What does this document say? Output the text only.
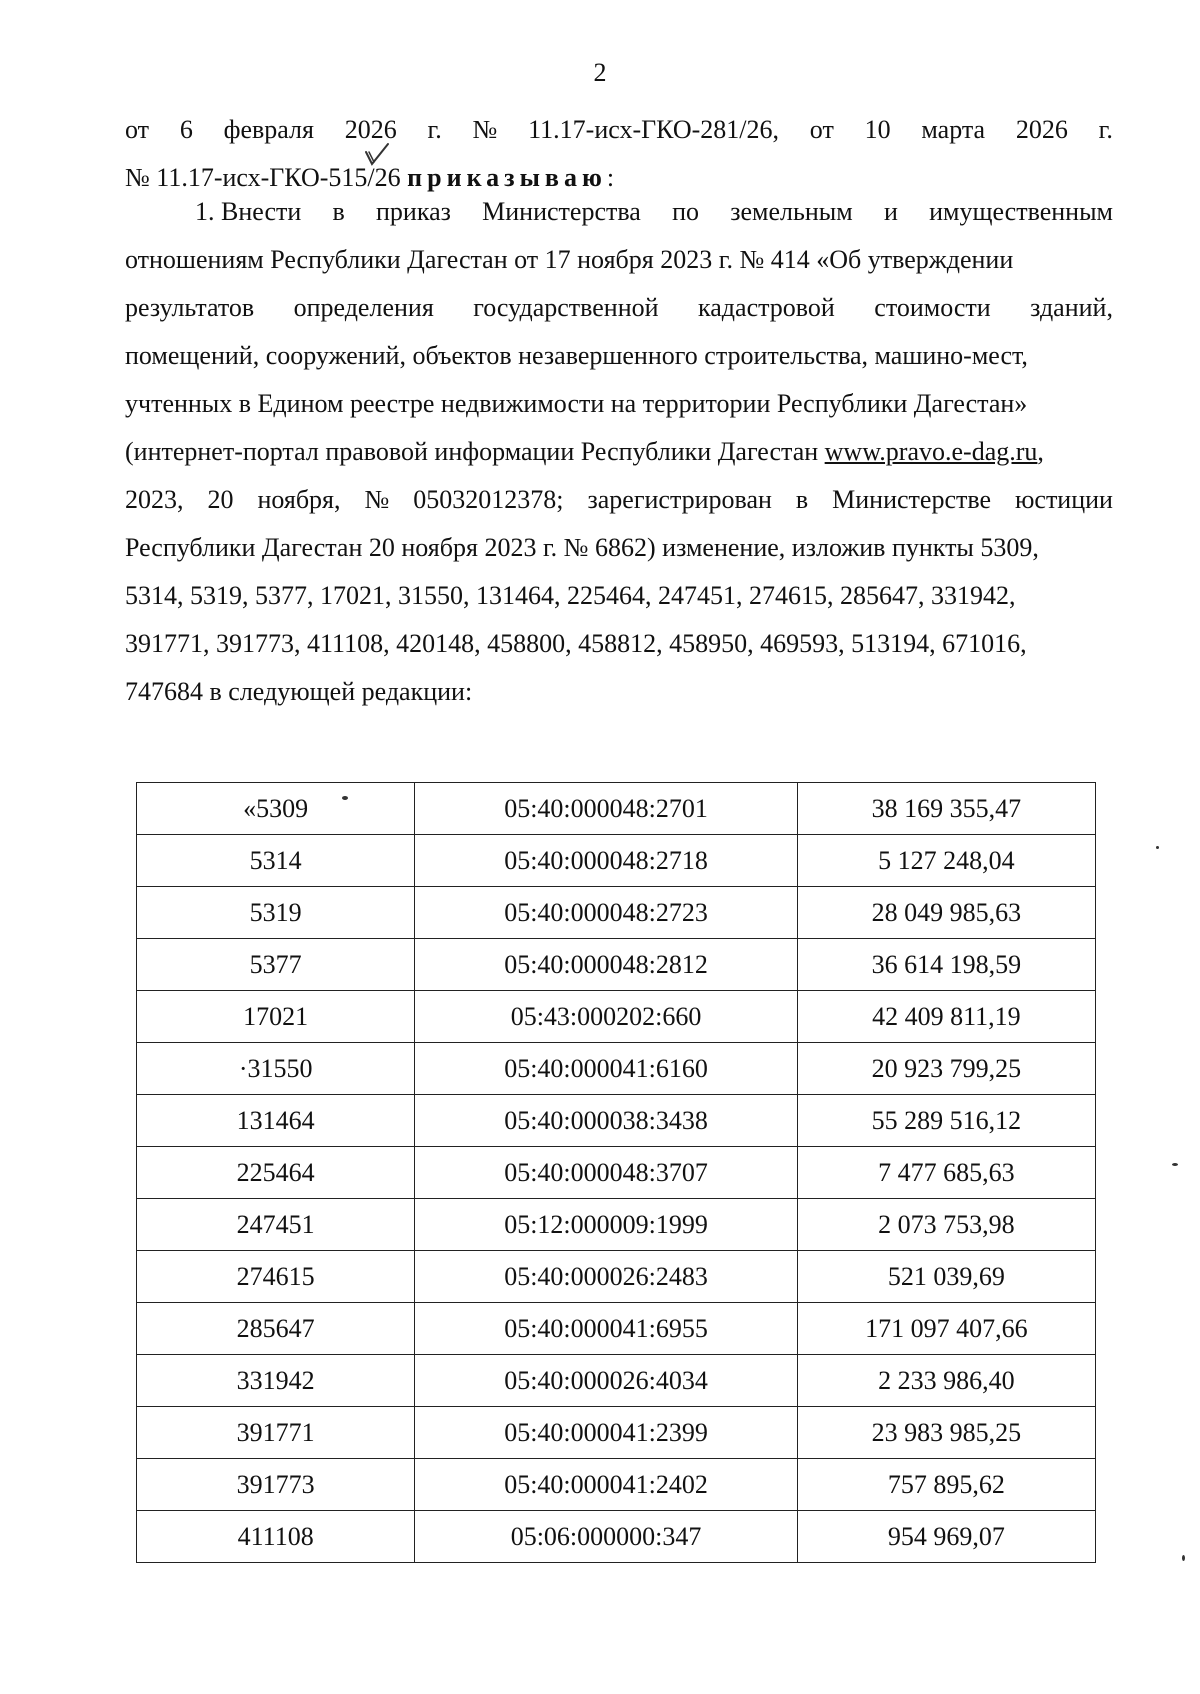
2
от 6 февраля 2026 г. № 11.17-исх-ГКО-281/26, от 10 марта 2026 г.
№ 11.17-исх-ГКО-515/26 приказываю:
1. Внести в приказ Министерства по земельным и имущественным
отношениям Республики Дагестан от 17 ноября 2023 г. № 414 «Об утверждении
результатов определения государственной кадастровой стоимости зданий,
помещений, сооружений, объектов незавершенного строительства, машино-мест,
учтенных в Едином реестре недвижимости на территории Республики Дагестан»
(интернет-портал правовой информации Республики Дагестан www.pravo.e-dag.ru,
2023, 20 ноября, № 05032012378; зарегистрирован в Министерстве юстиции
Республики Дагестан 20 ноября 2023 г. № 6862) изменение, изложив пункты 5309,
5314, 5319, 5377, 17021, 31550, 131464, 225464, 247451, 274615, 285647, 331942,
391771, 391773, 411108, 420148, 458800, 458812, 458950, 469593, 513194, 671016,
747684 в следующей редакции:
«5309	05:40:000048:2701	38 169 355,47
5314	05:40:000048:2718	5 127 248,04
5319	05:40:000048:2723	28 049 985,63
5377	05:40:000048:2812	36 614 198,59
17021	05:43:000202:660	42 409 811,19
·31550	05:40:000041:6160	20 923 799,25
131464	05:40:000038:3438	55 289 516,12
225464	05:40:000048:3707	7 477 685,63
247451	05:12:000009:1999	2 073 753,98
274615	05:40:000026:2483	521 039,69
285647	05:40:000041:6955	171 097 407,66
331942	05:40:000026:4034	2 233 986,40
391771	05:40:000041:2399	23 983 985,25
391773	05:40:000041:2402	757 895,62
411108	05:06:000000:347	954 969,07
